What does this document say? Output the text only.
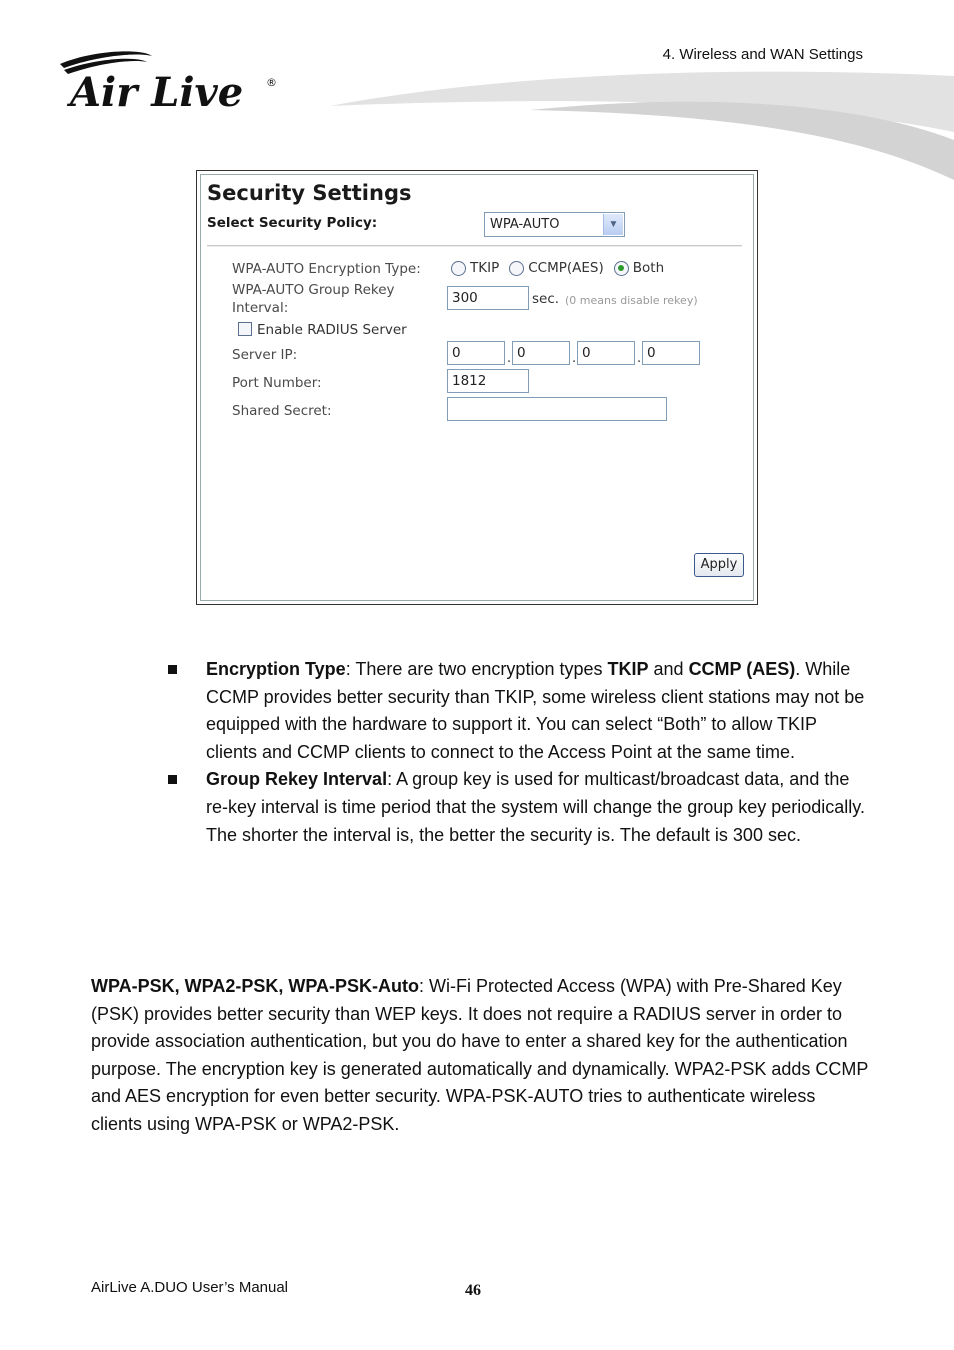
4. Wireless and WAN Settings
Air Live ®
Security Settings
Select Security Policy:	WPA-AUTO	▼
WPA-AUTO Encryption Type:	TKIP CCMP(AES) Both
WPA-AUTO Group Rekey
Interval:
300	sec. (0 means disable rekey)
Enable RADIUS Server
Server IP:	0	. 0	. 0	. 0
Port Number:	1812
Shared Secret:
Apply
Encryption Type: There are two encryption types TKIP and CCMP (AES). While CCMP provides better security than TKIP, some wireless client stations may not be equipped with the hardware to support it. You can select “Both” to allow TKIP clients and CCMP clients to connect to the Access Point at the same time.
Group Rekey Interval: A group key is used for multicast/broadcast data, and the re-key interval is time period that the system will change the group key periodically. The shorter the interval is, the better the security is. The default is 300 sec.
WPA-PSK, WPA2-PSK, WPA-PSK-Auto: Wi-Fi Protected Access (WPA) with Pre-Shared Key (PSK) provides better security than WEP keys. It does not require a RADIUS server in order to provide association authentication, but you do have to enter a shared key for the authentication purpose. The encryption key is generated automatically and dynamically. WPA2-PSK adds CCMP and AES encryption for even better security. WPA-PSK-AUTO tries to authenticate wireless clients using WPA-PSK or WPA2-PSK.
AirLive A.DUO User’s Manual	46
